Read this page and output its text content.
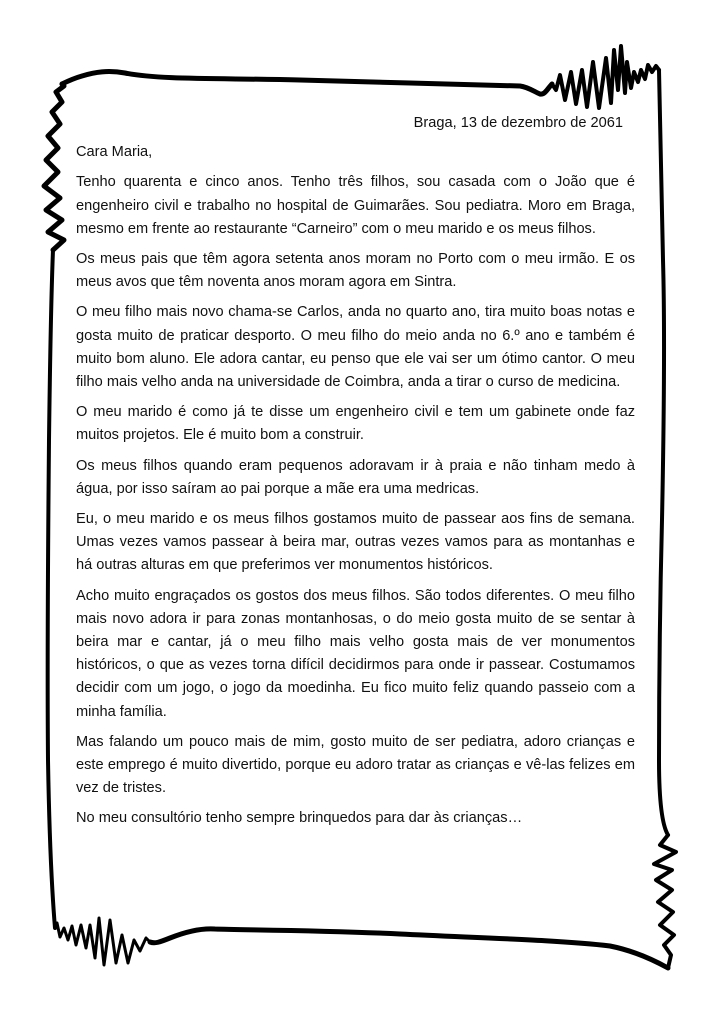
Braga, 13 de dezembro de 2061

Cara Maria,

Tenho quarenta e cinco anos. Tenho três filhos, sou casada com o João que é engenheiro civil e trabalho no hospital de Guimarães. Sou pediatra. Moro em Braga, mesmo em frente ao restaurante “Carneiro” com o meu marido e os meus filhos.

Os meus pais que têm agora setenta anos moram no Porto com o meu irmão. E os meus avos que têm noventa anos moram agora em Sintra.

O meu filho mais novo chama-se Carlos, anda no quarto ano, tira muito boas notas e gosta muito de praticar desporto. O meu filho do meio anda no 6.º ano e também é muito bom aluno. Ele adora cantar, eu penso que ele vai ser um ótimo cantor. O meu filho mais velho anda na universidade de Coimbra, anda a tirar o curso de medicina.

O meu marido é como já te disse um engenheiro civil e tem um gabinete onde faz muitos projetos. Ele é muito bom a construir.

Os meus filhos quando eram pequenos adoravam ir à praia e não tinham medo à água, por isso saíram ao pai porque a mãe era uma medricas.

Eu, o meu marido e os meus filhos gostamos muito de passear aos fins de semana. Umas vezes vamos passear à beira mar, outras vezes vamos para as montanhas e há outras alturas em que preferimos ver monumentos históricos.

Acho muito engraçados os gostos dos meus filhos. São todos diferentes. O meu filho mais novo adora ir para zonas montanhosas, o do meio gosta muito de se sentar à beira mar e cantar, já o meu filho mais velho gosta mais de ver monumentos históricos, o que as vezes torna difícil decidirmos para onde ir passear. Costumamos decidir com um jogo, o jogo da moedinha. Eu fico muito feliz quando passeio com a minha família.

Mas falando um pouco mais de mim, gosto muito de ser pediatra, adoro crianças e este emprego é muito divertido, porque eu adoro tratar as crianças e vê-las felizes em vez de tristes.

No meu consultório tenho sempre brinquedos para dar às crianças…
